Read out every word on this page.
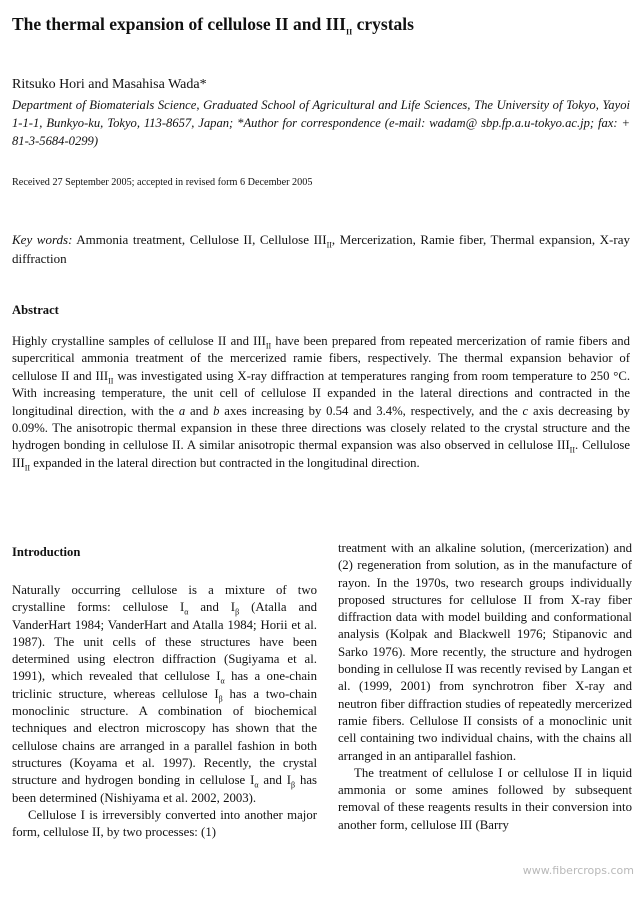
The thermal expansion of cellulose II and $III_{II}$ crystals
Ritsuko Hori and Masahisa Wada*
Department of Biomaterials Science, Graduated School of Agricultural and Life Sciences, The University of Tokyo, Yayoi 1-1-1, Bunkyo-ku, Tokyo, 113-8657, Japan; *Author for correspondence (e-mail: wadam@ sbp.fp.a.u-tokyo.ac.jp; fax: + 81-3-5684-0299)
Received 27 September 2005; accepted in revised form 6 December 2005
Key words: Ammonia treatment, Cellulose II, Cellulose $III_{II}$, Mercerization, Ramie fiber, Thermal expansion, X-ray diffraction
Abstract
Highly crystalline samples of cellulose II and $III_{II}$ have been prepared from repeated mercerization of ramie fibers and supercritical ammonia treatment of the mercerized ramie fibers, respectively. The thermal expansion behavior of cellulose II and $III_{II}$ was investigated using X-ray diffraction at temperatures ranging from room temperature to 250 °C. With increasing temperature, the unit cell of cellulose II expanded in the lateral directions and contracted in the longitudinal direction, with the a and b axes increasing by 0.54 and 3.4%, respectively, and the c axis decreasing by 0.09%. The anisotropic thermal expansion in these three directions was closely related to the crystal structure and the hydrogen bonding in cellulose II. A similar anisotropic thermal expansion was also observed in cellulose $III_{II}$. Cellulose $III_{II}$ expanded in the lateral direction but contracted in the longitudinal direction.
Introduction

Naturally occurring cellulose is a mixture of two crystalline forms: cellulose $I_\alpha$ and $I_\beta$ (Atalla and VanderHart 1984; VanderHart and Atalla 1984; Horii et al. 1987). The unit cells of these structures have been determined using electron diffraction (Sugiyama et al. 1991), which revealed that cellulose $I_\alpha$ has a one-chain triclinic structure, whereas cellulose $I_\beta$ has a two-chain monoclinic structure. A combination of biochemical techniques and electron microscopy has shown that the cellulose chains are arranged in a parallel fashion in both structures (Koyama et al. 1997). Recently, the crystal structure and hydrogen bonding in cellulose $I_\alpha$ and $I_\beta$ has been determined (Nishiyama et al. 2002, 2003).

Cellulose I is irreversibly converted into another major form, cellulose II, by two processes: (1)

treatment with an alkaline solution, (mercerization) and (2) regeneration from solution, as in the manufacture of rayon. In the 1970s, two research groups individually proposed structures for cellulose II from X-ray fiber diffraction data with model building and conformational analysis (Kolpak and Blackwell 1976; Stipanovic and Sarko 1976). More recently, the structure and hydrogen bonding in cellulose II was recently revised by Langan et al. (1999, 2001) from synchrotron fiber X-ray and neutron fiber diffraction studies of repeatedly mercerized ramie fibers. Cellulose II consists of a monoclinic unit cell containing two individual chains, with the chains all arranged in an antiparallel fashion.

The treatment of cellulose I or cellulose II in liquid ammonia or some amines followed by subsequent removal of these reagents results in their conversion into another form, cellulose III (Barry

www.fibercrops.com
